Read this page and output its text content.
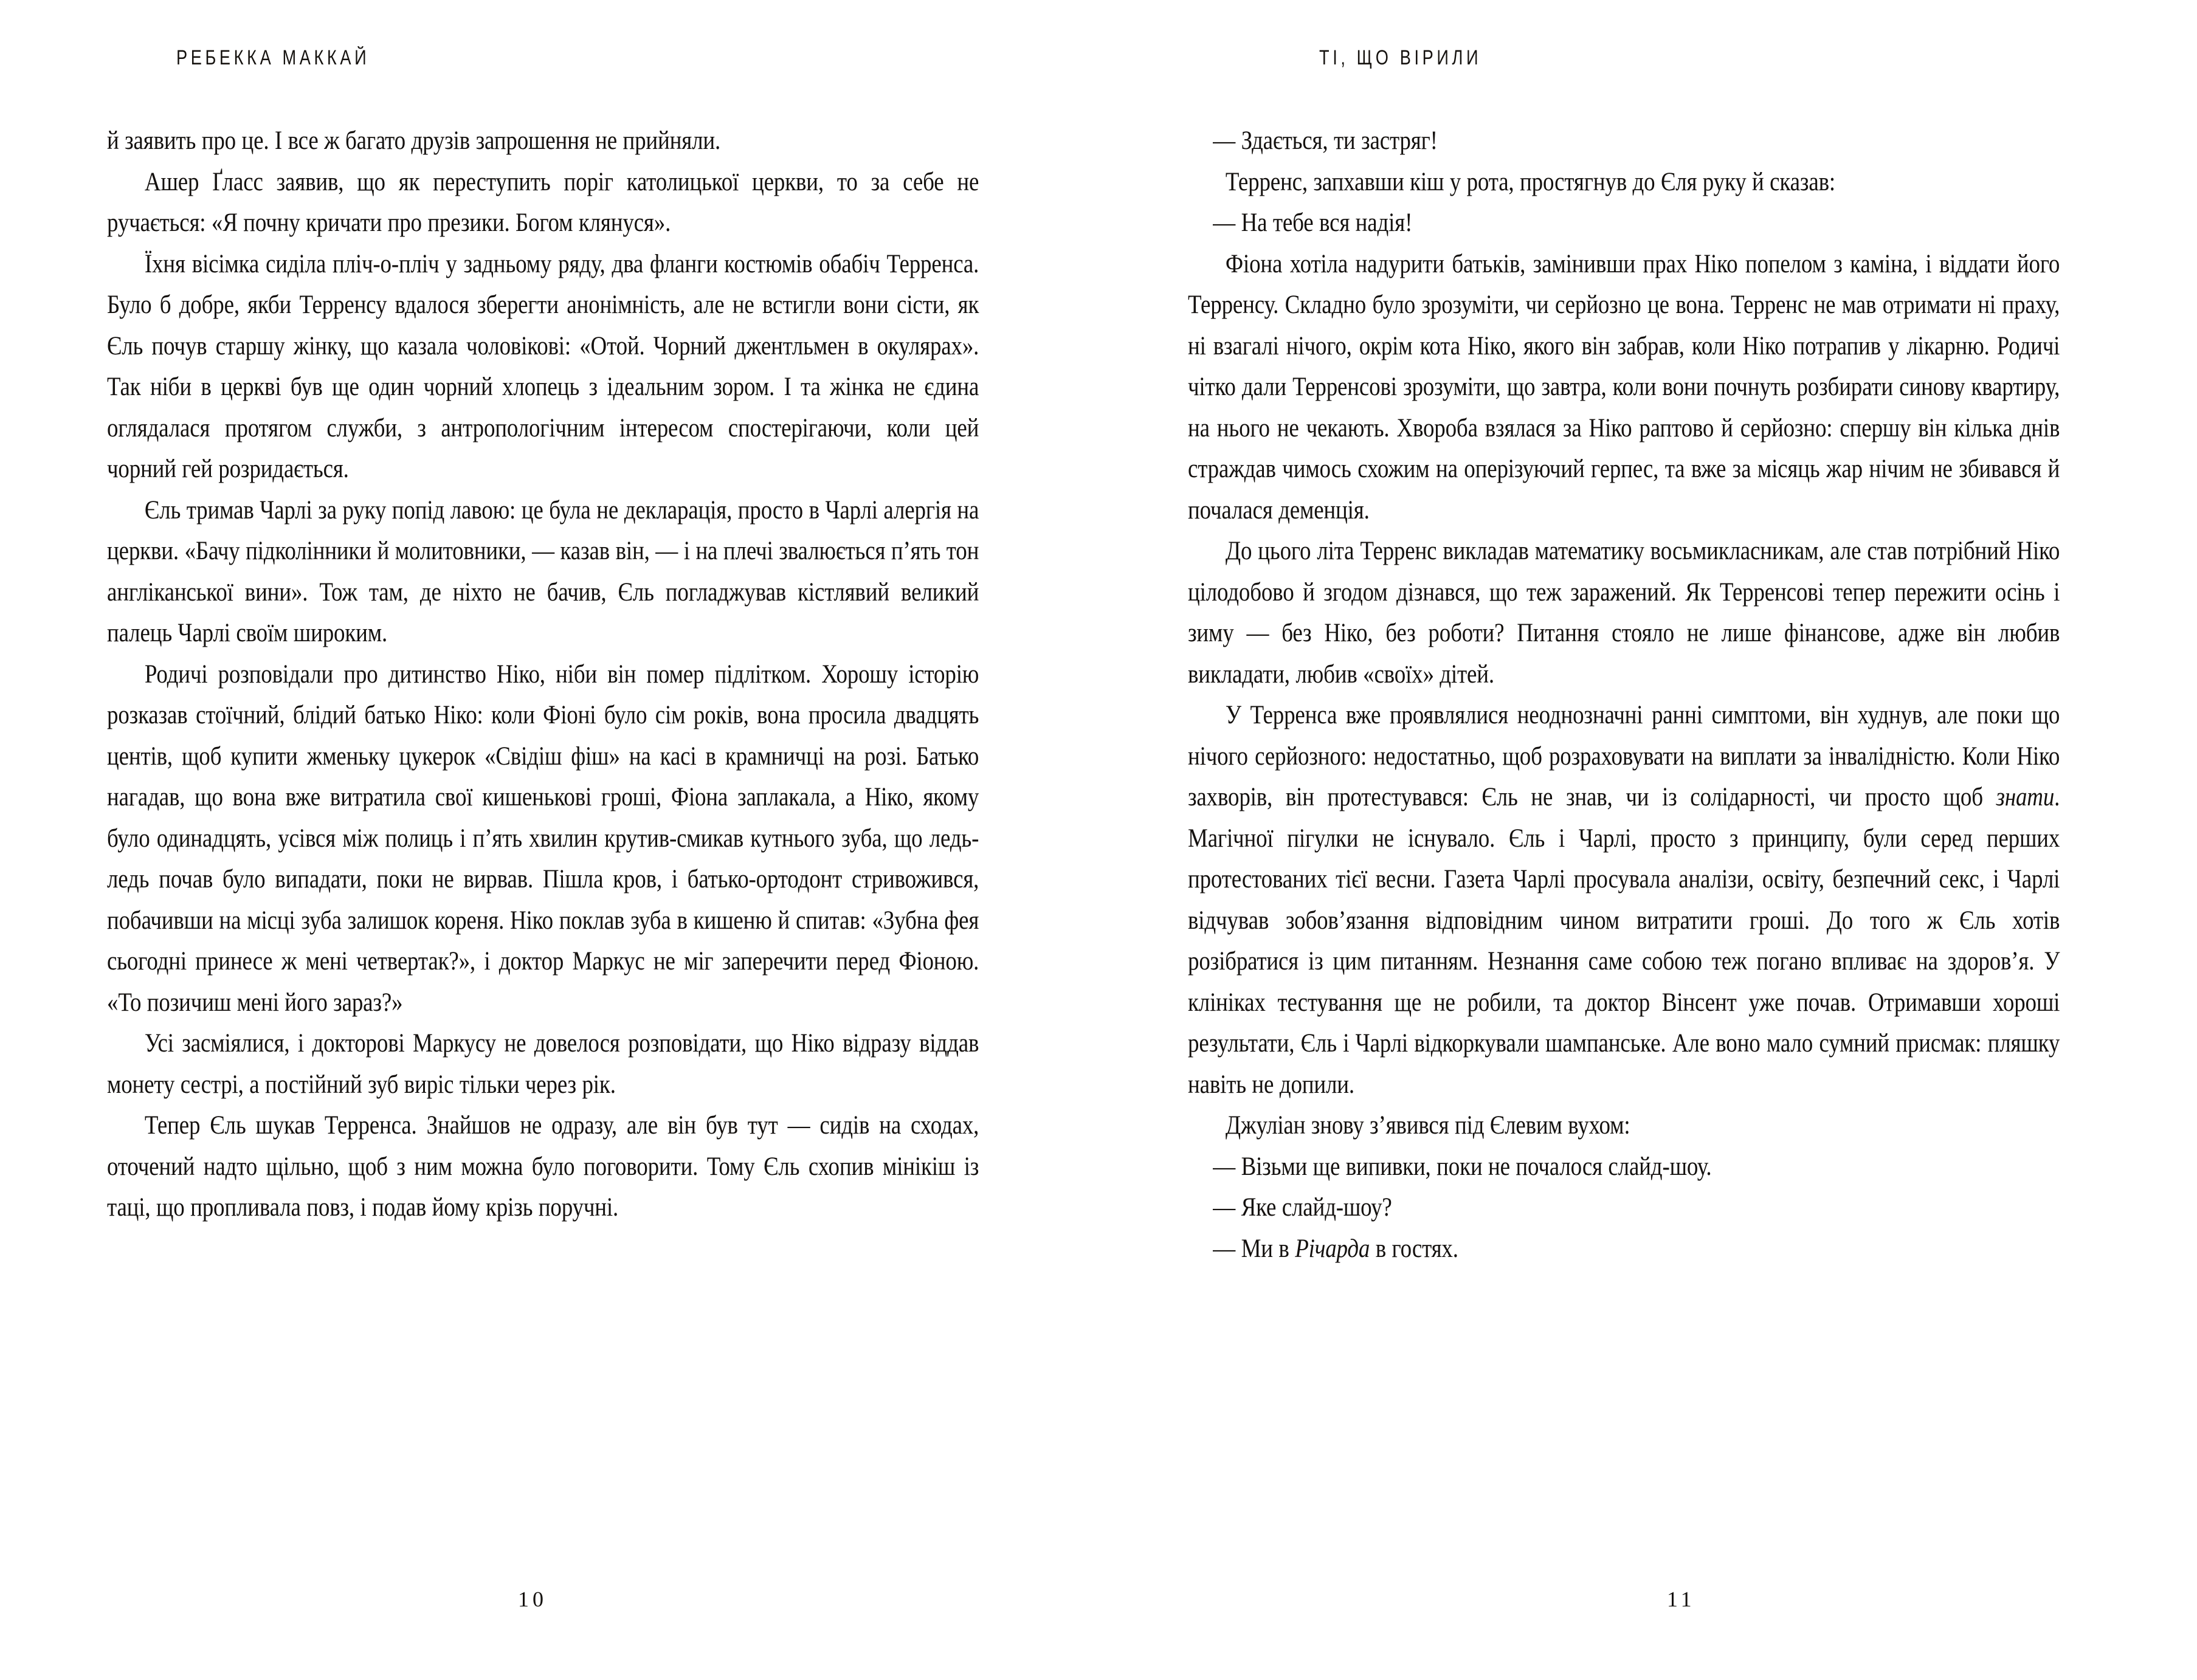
РЕБЕККА МАККАЙ	ТІ, ЩО ВІРИЛИ

й заявить про це. І все ж багато друзів запрошення не прийняли.

Ашер Ґласс заявив, що як переступить поріг католицької церкви, то за себе не ручається: «Я почну кричати про презики. Богом клянуся».

Їхня вісімка сиділа пліч-о-пліч у задньому ряду, два фланги костюмів обабіч Терренса. Було б добре, якби Терренсу вдалося зберегти анонімність, але не встигли вони сісти, як Єль почув старшу жінку, що казала чоловікові: «Отой. Чорний джентльмен в окулярах». Так ніби в церкві був ще один чорний хлопець з ідеальним зором. І та жінка не єдина оглядалася протягом служби, з антропологічним інтересом спостерігаючи, коли цей чорний гей розридається.

Єль тримав Чарлі за руку попід лавою: це була не декларація, просто в Чарлі алергія на церкви. «Бачу підколінники й молитовники, — казав він, — і на плечі звалюється п’ять тон англіканської вини». Тож там, де ніхто не бачив, Єль погладжував кістлявий великий палець Чарлі своїм широким.

Родичі розповідали про дитинство Ніко, ніби він помер підлітком. Хорошу історію розказав стоїчний, блідий батько Ніко: коли Фіоні було сім років, вона просила двадцять центів, щоб купити жменьку цукерок «Свідіш фіш» на касі в крамничці на розі. Батько нагадав, що вона вже витратила свої кишенькові гроші, Фіона заплакала, а Ніко, якому було одинадцять, усівся між полиць і п’ять хвилин крутив-смикав кутнього зуба, що ледь-ледь почав було випадати, поки не вирвав. Пішла кров, і батько-ортодонт стривожився, побачивши на місці зуба залишок кореня. Ніко поклав зуба в кишеню й спитав: «Зубна фея сьогодні принесе ж мені четвертак?», і доктор Маркус не міг заперечити перед Фіоною. «То позичиш мені його зараз?»

Усі засміялися, і докторові Маркусу не довелося розповідати, що Ніко відразу віддав монету сестрі, а постійний зуб виріс тільки через рік.

Тепер Єль шукав Терренса. Знайшов не одразу, але він був тут — сидів на сходах, оточений надто щільно, щоб з ним можна було поговорити. Тому Єль схопив мінікіш із таці, що пропливала повз, і подав йому крізь поручні.

— Здається, ти застряг!

Терренс, запхавши кіш у рота, простягнув до Єля руку й сказав:

— На тебе вся надія!

Фіона хотіла надурити батьків, замінивши прах Ніко попелом з каміна, і віддати його Терренсу. Складно було зрозуміти, чи серйозно це вона. Терренс не мав отримати ні праху, ні взагалі нічого, окрім кота Ніко, якого він забрав, коли Ніко потрапив у лікарню. Родичі чітко дали Терренсові зрозуміти, що завтра, коли вони почнуть розбирати синову квартиру, на нього не чекають. Хвороба взялася за Ніко раптово й серйозно: спершу він кілька днів страждав чимось схожим на оперізуючий герпес, та вже за місяць жар нічим не збивався й почалася деменція.

До цього літа Терренс викладав математику восьмикласникам, але став потрібний Ніко цілодобово й згодом дізнався, що теж заражений. Як Терренсові тепер пережити осінь і зиму — без Ніко, без роботи? Питання стояло не лише фінансове, адже він любив викладати, любив «своїх» дітей.

У Терренса вже проявлялися неоднозначні ранні симптоми, він худнув, але поки що нічого серйозного: недостатньо, щоб розраховувати на виплати за інвалідністю. Коли Ніко захворів, він протестувався: Єль не знав, чи із солідарності, чи просто щоб знати. Магічної пігулки не існувало. Єль і Чарлі, просто з принципу, були серед перших протестованих тієї весни. Газета Чарлі просувала аналізи, освіту, безпечний секс, і Чарлі відчував зобов’язання відповідним чином витратити гроші. До того ж Єль хотів розібратися із цим питанням. Незнання саме собою теж погано впливає на здоров’я. У клініках тестування ще не робили, та доктор Вінсент уже почав. Отримавши хороші результати, Єль і Чарлі відкоркували шампанське. Але воно мало сумний присмак: пляшку навіть не допили.

Джуліан знову з’явився під Єлевим вухом:

— Візьми ще випивки, поки не почалося слайд-шоу.

— Яке слайд-шоу?

— Ми в Річарда в гостях.

10	11
